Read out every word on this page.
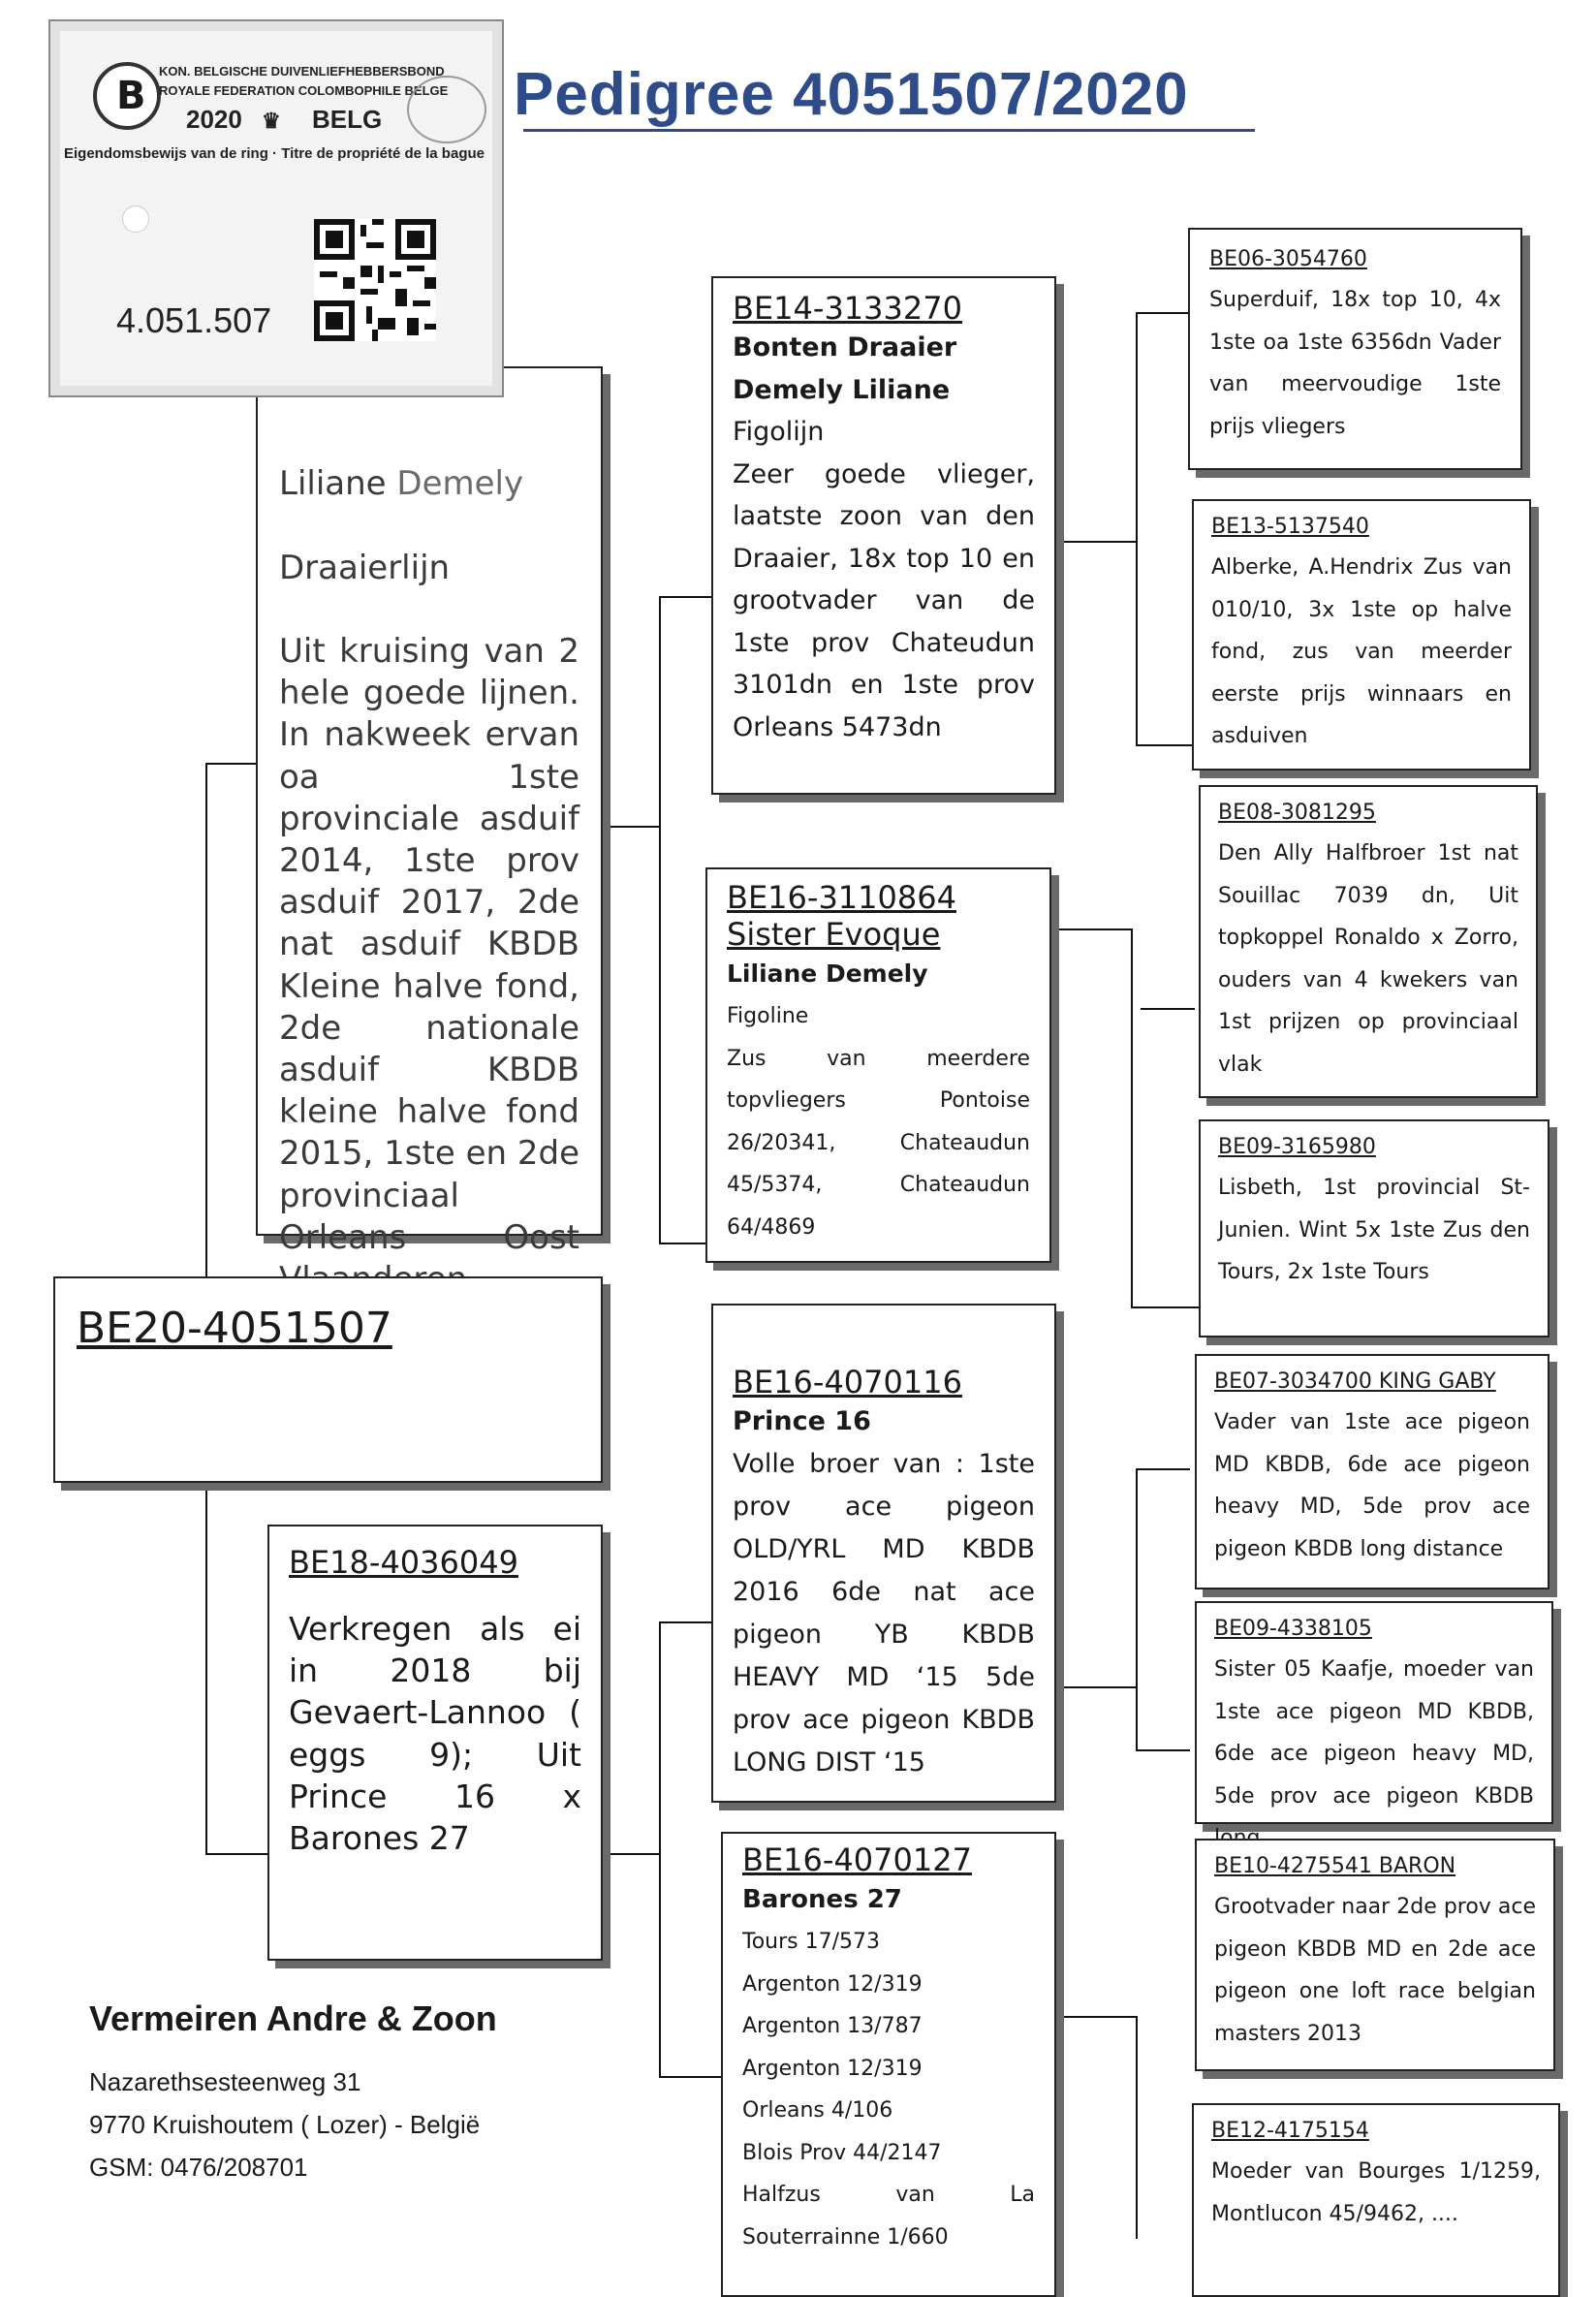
Pedigree 4051507/2020

Liliane Demely

Draaierlijn

Uit kruising van 2 hele goede lijnen. In nakweek ervan oa 1ste provinciale asduif 2014, 1ste prov asduif 2017, 2de nat asduif KBDB Kleine halve fond, 2de nationale asduif KBDB kleine halve fond 2015, 1ste en 2de provinciaal Orleans Oost

B
KON. BELGISCHE DUIVENLIEFHEBBERSBOND
ROYALE FEDERATION COLOMBOPHILE BELGE
2020 ♛ BELG
Eigendomsbewijs van de ring · Titre de propriété de la bague
4.051.507
BE20-4051507
BE18-4036049
Verkregen als ei in 2018 bij Gevaert-Lannoo ( eggs 9); Uit Prince 16 x Barones 27
BE14-3133270
Bonten Draaier
Demely Liliane
Figolijn
Zeer goede vlieger, laatste zoon van den Draaier, 18x top 10 en grootvader van de 1ste prov Chateudun 3101dn en 1ste prov Orleans 5473dn
BE16-3110864
Sister Evoque
Liliane Demely
Figoline
Zus van meerdere topvliegers Pontoise 26/20341, Chateaudun 45/5374, Chateaudun 64/4869
BE16-4070116
Prince 16
Volle broer van : 1ste prov ace pigeon OLD/YRL MD KBDB 2016 6de nat ace pigeon YB KBDB HEAVY MD ‘15 5de prov ace pigeon KBDB LONG DIST ‘15
BE16-4070127
Barones 27
Tours 17/573
Argenton 12/319
Argenton 13/787
Argenton 12/319
Orleans 4/106
Blois Prov 44/2147
Halfzus van La Souterrainne 1/660
BE06-3054760
Superduif, 18x top 10, 4x 1ste oa 1ste 6356dn Vader van meervoudige 1ste prijs vliegers
BE13-5137540
Alberke, A.Hendrix Zus van 010/10, 3x 1ste op halve fond, zus van meerder eerste prijs winnaars en asduiven
BE08-3081295
Den Ally Halfbroer 1st nat Souillac 7039 dn, Uit topkoppel Ronaldo x Zorro, ouders van 4 kwekers van 1st prijzen op provinciaal vlak
BE09-3165980
Lisbeth, 1st provincial St-Junien. Wint 5x 1ste Zus den Tours, 2x 1ste Tours
BE07-3034700 KING GABY
Vader van 1ste ace pigeon MD KBDB, 6de ace pigeon heavy MD, 5de prov ace pigeon KBDB long distance
BE09-4338105
Sister 05 Kaafje, moeder van 1ste ace pigeon MD KBDB, 6de ace pigeon heavy MD, 5de prov ace pigeon KBDB
BE10-4275541 BARON
Grootvader naar 2de prov ace pigeon KBDB MD en 2de ace pigeon one loft race belgian masters 2013
BE12-4175154
Moeder van Bourges 1/1259, Montlucon 45/9462, ....
Vermeiren Andre & Zoon
Nazarethsesteenweg 31
9770 Kruishoutem ( Lozer) - België
GSM: 0476/208701
